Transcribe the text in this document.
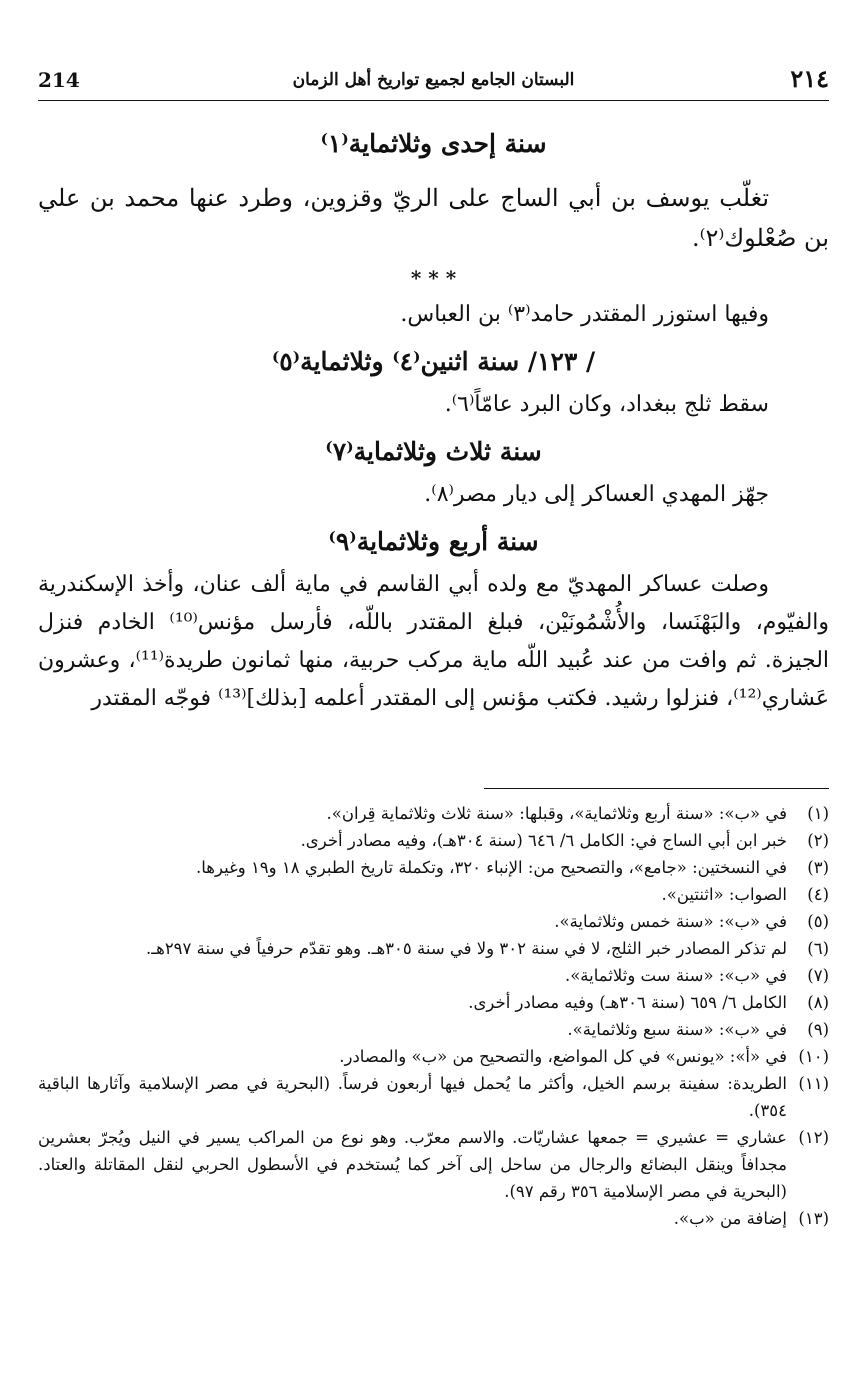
214	البستان الجامع لجميع تواريخ أهل الزمان	٢١٤
سنة إحدى وثلاثماية⁽١⁾

تغلّب يوسف بن أبي الساج على الريّ وقزوين، وطرد عنها محمد بن علي بن صُعْلوك⁽٢⁾.

* * *

وفيها استوزر المقتدر حامد⁽٣⁾ بن العباس.

/ ١٢٣/ سنة اثنين⁽٤⁾ وثلاثماية⁽٥⁾

سقط ثلج ببغداد، وكان البرد عامّاً⁽٦⁾.

سنة ثلاث وثلاثماية⁽٧⁾

جهّز المهدي العساكر إلى ديار مصر⁽٨⁾.

سنة أربع وثلاثماية⁽٩⁾

وصلت عساكر المهديّ مع ولده أبي القاسم في ماية ألف عنان، وأخذ الإسكندرية والفيّوم، والبَهْنَسا، والأُشْمُونَيْن، فبلغ المقتدر باللّه، فأرسل مؤنس⁽¹⁰⁾ الخادم فنزل الجيزة. ثم وافت من عند عُبيد اللّه ماية مركب حربية، منها ثمانون طريدة⁽¹¹⁾، وعشرون عَشاري⁽¹²⁾، فنزلوا رشيد. فكتب مؤنس إلى المقتدر أعلمه [بذلك]⁽¹³⁾ فوجّه المقتدر

(١)
في «ب»: «سنة أربع وثلاثماية»، وقبلها: «سنة ثلاث وثلاثماية قِران».
(٢)
خبر ابن أبي الساج في: الكامل ٦/ ٦٤٦ (سنة ٣٠٤هـ)، وفيه مصادر أخرى.
(٣)
في النسختين: «جامع»، والتصحيح من: الإنباء ٣٢٠، وتكملة تاريخ الطبري ١٨ و١٩ وغيرها.
(٤)
الصواب: «اثنتين».
(٥)
في «ب»: «سنة خمس وثلاثماية».
(٦)
لم تذكر المصادر خبر الثلج، لا في سنة ٣٠٢ ولا في سنة ٣٠٥هـ. وهو تقدّم حرفياً في سنة ٢٩٧هـ.
(٧)
في «ب»: «سنة ست وثلاثماية».
(٨)
الكامل ٦/ ٦٥٩ (سنة ٣٠٦هـ) وفيه مصادر أخرى.
(٩)
في «ب»: «سنة سبع وثلاثماية».
(١٠)
في «أ»: «يونس» في كل المواضع، والتصحيح من «ب» والمصادر.
(١١)
الطريدة: سفينة برسم الخيل، وأكثر ما يُحمل فيها أربعون فرساً. (البحرية في مصر الإسلامية وآثارها الباقية ٣٥٤).
(١٢)
عشاري = عشيري = جمعها عشاريّات. والاسم معرّب. وهو نوع من المراكب يسير في النيل ويُجرّ بعشرين مجدافاً وينقل البضائع والرجال من ساحل إلى آخر كما يُستخدم في الأسطول الحربي لنقل المقاتلة والعتاد. (البحرية في مصر الإسلامية ٣٥٦ رقم ٩٧).
(١٣)
إضافة من «ب».
